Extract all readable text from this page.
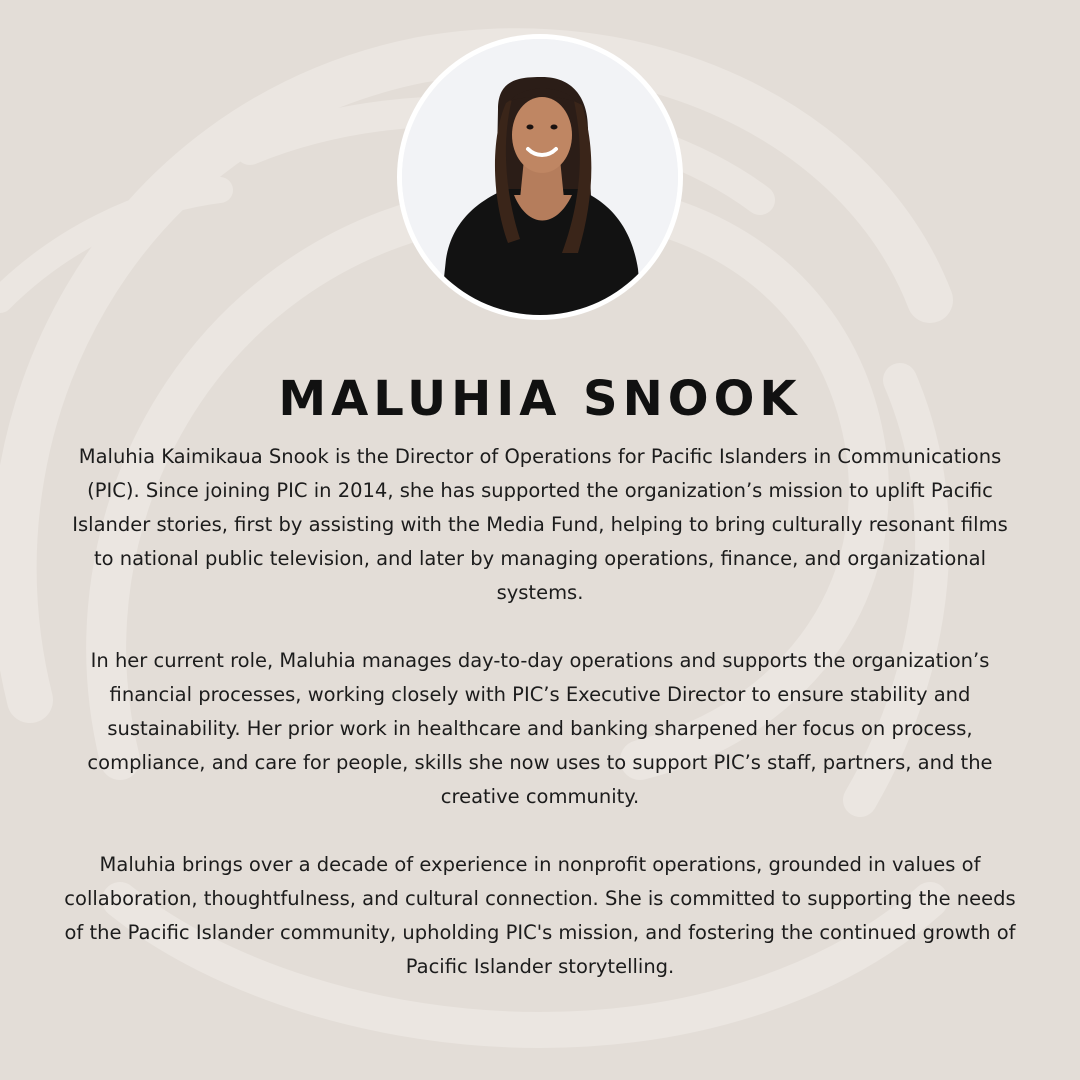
MALUHIA SNOOK

Maluhia Kaimikaua Snook is the Director of Operations for Pacific Islanders in Communications (PIC). Since joining PIC in 2014, she has supported the organization’s mission to uplift Pacific Islander stories, first by assisting with the Media Fund, helping to bring culturally resonant films to national public television, and later by managing operations, finance, and organizational systems.

In her current role, Maluhia manages day-to-day operations and supports the organization’s financial processes, working closely with PIC’s Executive Director to ensure stability and sustainability. Her prior work in healthcare and banking sharpened her focus on process, compliance, and care for people, skills she now uses to support PIC’s staff, partners, and the creative community.

Maluhia brings over a decade of experience in nonprofit operations, grounded in values of collaboration, thoughtfulness, and cultural connection. She is committed to supporting the needs of the Pacific Islander community, upholding PIC's mission, and fostering the continued growth of Pacific Islander storytelling.
